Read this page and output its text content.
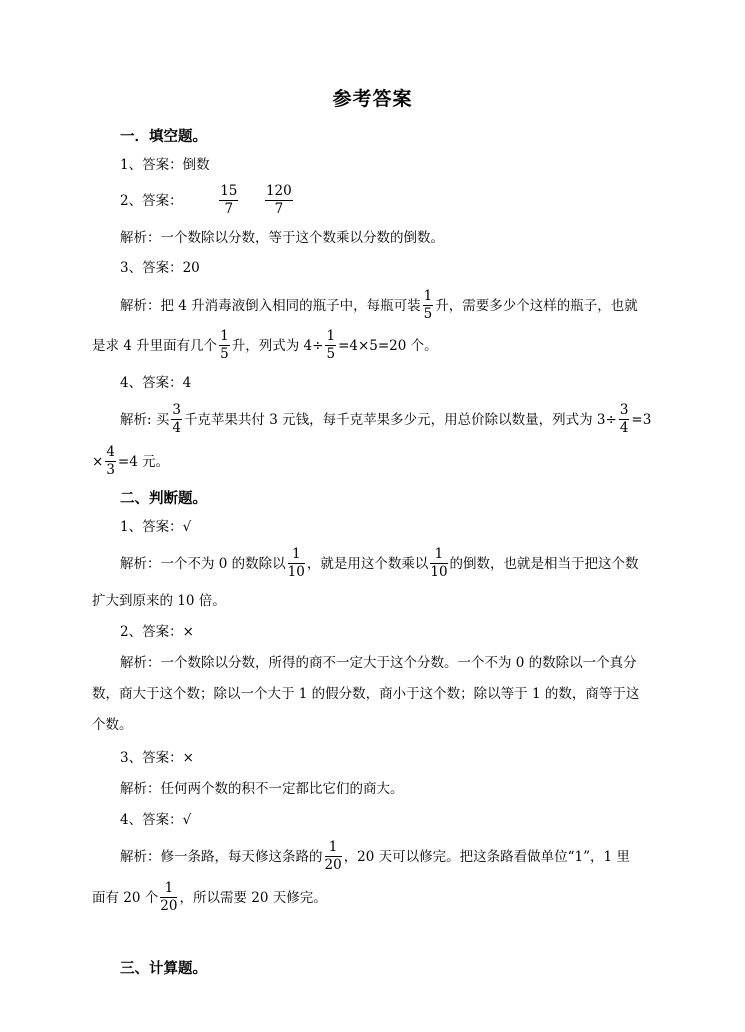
参考答案
一．填空题。
1、答案：倒数
2、答案：	$\frac{15}{7}$
$\frac{120}{7}$
解析：一个数除以分数，等于这个数乘以分数的倒数。
3、答案：20
解析：把 4 升消毒液倒入相同的瓶子中，每瓶可装 $\frac{1}{5}$ 升，需要多少个这样的瓶子，也就
是求 4 升里面有几个 $\frac{1}{5}$ 升，列式为 $4\div \frac{1}{5} =4\times 5=20$ 个。
4、答案：4
解析: 买 $\frac{3}{4}$ 千克苹果共付 3 元钱，每千克苹果多少元，用总价除以数量，列式为 $3\div \frac{3}{4} =3$
× $\frac{4}{3} =4$ 元。
二、判断题。
1、答案：√
解析：一个不为 0 的数除以 $\frac{1}{10}$ ，就是用这个数乘以 $\frac{1}{10}$ 的倒数，也就是相当于把这个数
扩大到原来的 10 倍。
2、答案：×
解析：一个数除以分数，所得的商不一定大于这个分数。一个不为 0 的数除以一个真分
数，商大于这个数；除以一个大于 1 的假分数，商小于这个数；除以等于 1 的数，商等于这
个数。
3、答案：×
解析：任何两个数的积不一定都比它们的商大。
4、答案：√
解析：修一条路，每天修这条路的 $\frac{1}{20}$ ，20 天可以修完。把这条路看做单位“1”，1 里
面有 20 个 $\frac{1}{20}$ ，所以需要 20 天修完。
三、计算题。
